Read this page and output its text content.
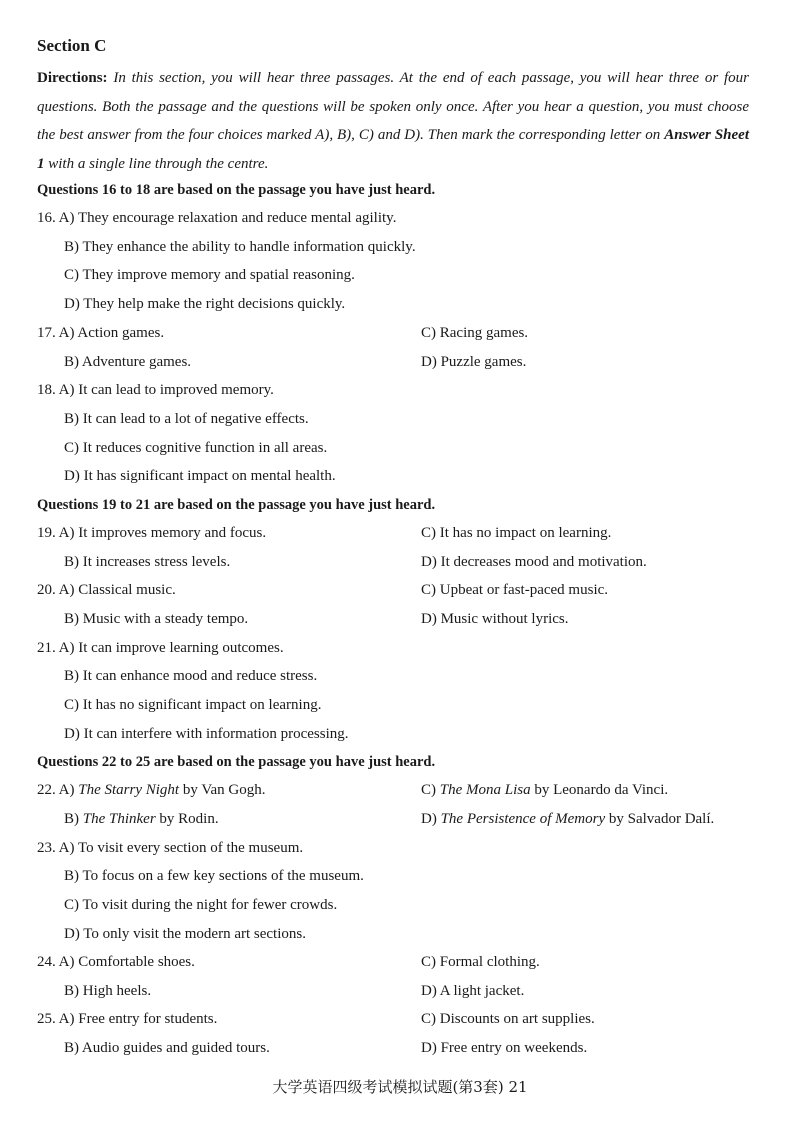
Section C
Directions: In this section, you will hear three passages. At the end of each passage, you will hear three or four questions. Both the passage and the questions will be spoken only once. After you hear a question, you must choose the best answer from the four choices marked A), B), C) and D). Then mark the corresponding letter on Answer Sheet 1 with a single line through the centre.
Questions 16 to 18 are based on the passage you have just heard.
16. A) They encourage relaxation and reduce mental agility.
B) They enhance the ability to handle information quickly.
C) They improve memory and spatial reasoning.
D) They help make the right decisions quickly.
17. A) Action games.	C) Racing games.
B) Adventure games.	D) Puzzle games.
18. A) It can lead to improved memory.
B) It can lead to a lot of negative effects.
C) It reduces cognitive function in all areas.
D) It has significant impact on mental health.
Questions 19 to 21 are based on the passage you have just heard.
19. A) It improves memory and focus.	C) It has no impact on learning.
B) It increases stress levels.	D) It decreases mood and motivation.
20. A) Classical music.	C) Upbeat or fast-paced music.
B) Music with a steady tempo.	D) Music without lyrics.
21. A) It can improve learning outcomes.
B) It can enhance mood and reduce stress.
C) It has no significant impact on learning.
D) It can interfere with information processing.
Questions 22 to 25 are based on the passage you have just heard.
22. A) The Starry Night by Van Gogh.	C) The Mona Lisa by Leonardo da Vinci.
B) The Thinker by Rodin.	D) The Persistence of Memory by Salvador Dalí.
23. A) To visit every section of the museum.
B) To focus on a few key sections of the museum.
C) To visit during the night for fewer crowds.
D) To only visit the modern art sections.
24. A) Comfortable shoes.	C) Formal clothing.
B) High heels.	D) A light jacket.
25. A) Free entry for students.	C) Discounts on art supplies.
B) Audio guides and guided tours.	D) Free entry on weekends.
大学英语四级考试模拟试题(第3套) 21
